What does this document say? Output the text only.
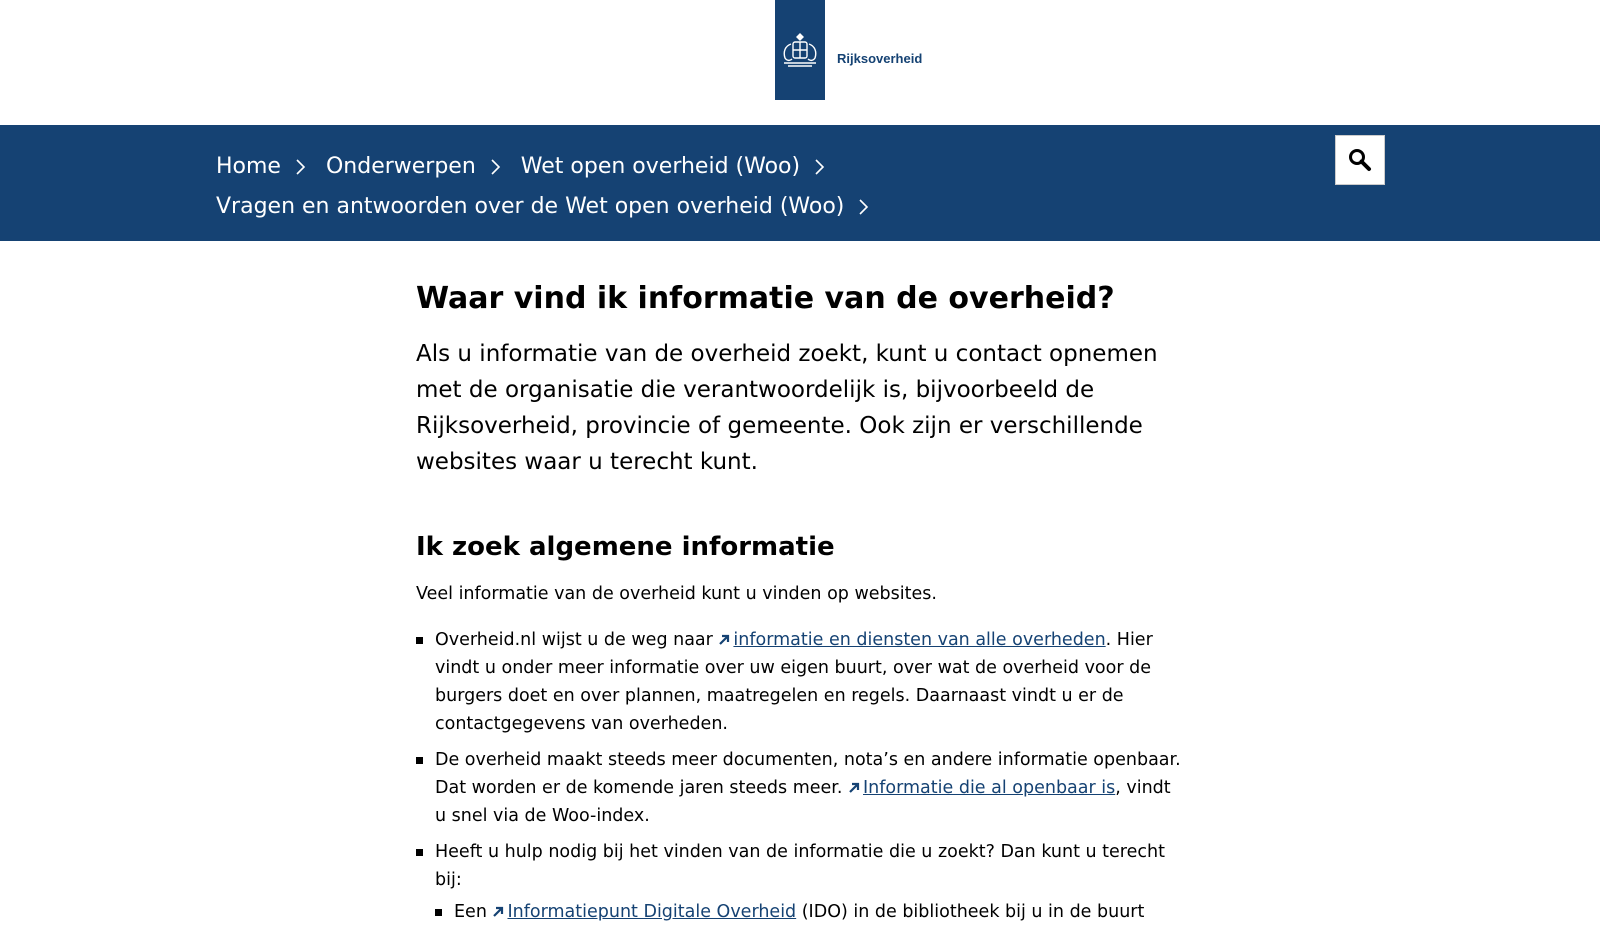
Rijksoverheid
Home
Onderwerpen
Wet open overheid (Woo)

Vragen en antwoorden over de Wet open overheid (Woo)
Waar vind ik informatie van de overheid?

Als u informatie van de overheid zoekt, kunt u contact opnemen met de organisatie die verantwoordelijk is, bijvoorbeeld de Rijksoverheid, provincie of gemeente. Ook zijn er verschillende websites waar u terecht kunt.

Ik zoek algemene informatie

Veel informatie van de overheid kunt u vinden op websites.

Overheid.nl wijst u de weg naar informatie en diensten van alle overheden. Hier vindt u onder meer informatie over uw eigen buurt, over wat de overheid voor de burgers doet en over plannen, maatregelen en regels. Daarnaast vindt u er de contactgegevens van overheden.
De overheid maakt steeds meer documenten, nota’s en andere informatie openbaar. Dat worden er de komende jaren steeds meer. Informatie die al openbaar is, vindt u snel via de Woo-index.
Heeft u hulp nodig bij het vinden van de informatie die u zoekt? Dan kunt u terecht bij:
Een Informatiepunt Digitale Overheid (IDO) in de bibliotheek bij u in de buurt
